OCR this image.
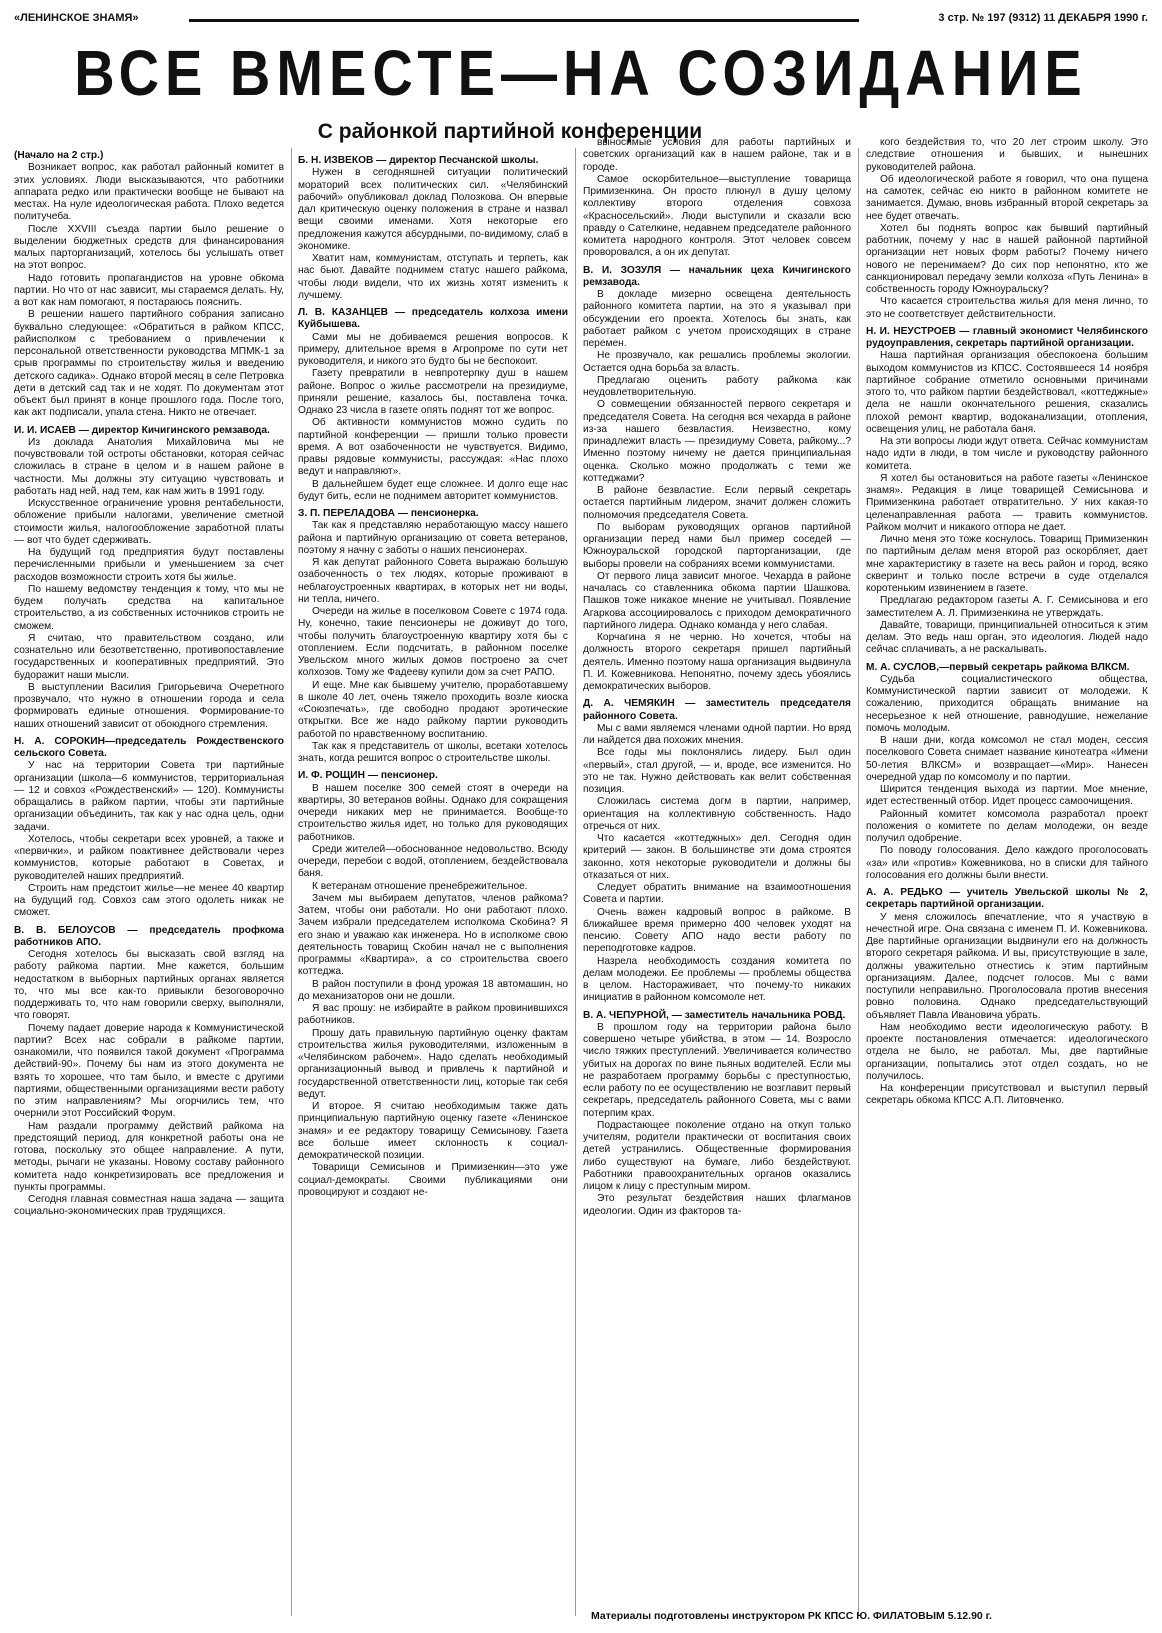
«ЛЕНИНСКОЕ ЗНАМЯ»	3 стр. № 197 (9312) 11 ДЕКАБРЯ 1990 г.
ВСЕ ВМЕСТЕ—НА СОЗИДАНИЕ
С районкой партийной конференции

(Начало на 2 стр.)

Возникает вопрос, как работал районный комитет в этих условиях. Люди высказываются, что работники аппарата редко или практически вообще не бывают на местах. На нуле идеологическая работа. Плохо ведется политучеба.

После XXVIII съезда партии было решение о выделении бюджетных средств для финансирования малых парторганизаций, хотелось бы услышать ответ на этот вопрос.

Надо готовить пропагандистов на уровне обкома партии. Но что от нас зависит, мы стараемся делать. Ну, а вот как нам помогают, я постараюсь пояснить.

В решении нашего партийного собрания записано буквально следующее: «Обратиться в райком КПСС, райисполком с требованием о привлечении к персональной ответственности руководства МПМК-1 за срыв программы по строительству жилья и введению детского садика». Однако второй месяц в селе Петровка дети в детский сад так и не ходят. По документам этот объект был принят в конце прошлого года. После того, как акт подписали, упала стена. Никто не отвечает.

И. И. ИСАЕВ — директор Кичигинского ремзавода.

Из доклада Анатолия Михайловича мы не почувствовали той остроты обстановки, которая сейчас сложилась в стране в целом и в нашем районе в частности. Мы должны эту ситуацию чувствовать и работать над ней, над тем, как нам жить в 1991 году.

Искусственное ограничение уровня рентабельности, обложение прибыли налогами, увеличение сметной стоимости жилья, налогообложение заработной платы — вот что будет сдерживать.

На будущий год предприятия будут поставлены перечисленными прибыли и уменьшением за счет расходов возможности строить хотя бы жилье.

По нашему ведомству тенденция к тому, что мы не будем получать средства на капитальное строительство, а из собственных источников строить не сможем.

Я считаю, что правительством создано, или сознательно или безответственно, противопоставление государственных и кооперативных предприятий. Это будоражит наши мысли.

В выступлении Василия Григорьевича Очеретного прозвучало, что нужно в отношении города и села формировать единые отношения. Формирование-то наших отношений зависит от обоюдного стремления.

Н. А. СОРОКИН—председатель Рождественского сельского Совета.

У нас на территории Совета три партийные организации (школа—6 коммунистов, территориальная — 12 и совхоз «Рождественский» — 120). Коммунисты обращались в райком партии, чтобы эти партийные организации объединить, так как у нас одна цель, одни задачи.

Хотелось, чтобы секретари всех уровней, а также и «первички», и райком поактивнее действовали через коммунистов, которые работают в Советах, и руководителей наших предприятий.

Строить нам предстоит жилье—не менее 40 квартир на будущий год. Совхоз сам этого одолеть никак не сможет.

В. В. БЕЛОУСОВ — председатель профкома работников АПО.

Сегодня хотелось бы высказать свой взгляд на работу райкома партии. Мне кажется, большим недостатком в выборных партийных органах является то, что мы все как-то привыкли безоговорочно поддерживать то, что нам говорили сверху, выполняли, что говорят.

Почему падает доверие народа к Коммунистической партии? Всех нас собрали в райкоме партии, ознакомили, что появился такой документ «Программа действий-90». Почему бы нам из этого документа не взять то хорошее, что там было, и вместе с другими партиями, общественными организациями вести работу по этим направлениям? Мы огорчились тем, что очернили этот Российский Форум.

Нам раздали программу действий райкома на предстоящий период, для конкретной работы она не готова, поскольку это общее направление. А пути, методы, рычаги не указаны. Новому составу районного комитета надо конкретизировать все предложения и пункты программы.

Сегодня главная совместная наша задача — защита социально-экономических прав трудящихся.

Б. Н. ИЗВЕКОВ — директор Песчанской школы.

Нужен в сегодняшней ситуации политический мораторий всех политических сил. «Челябинский рабочий» опубликовал доклад Полозкова. Он впервые дал критическую оценку положения в стране и назвал вещи своими именами. Хотя некоторые его предложения кажутся абсурдными, по-видимому, слаб в экономике.

Хватит нам, коммунистам, отступать и терпеть, как нас бьют. Давайте поднимем статус нашего райкома, чтобы люди видели, что их жизнь хотят изменить к лучшему.

Л. В. КАЗАНЦЕВ — председатель колхоза имени Куйбышева.

Сами мы не добиваемся решения вопросов. К примеру, длительное время в Агропроме по сути нет руководителя, и никого это будто бы не беспокоит.

Газету превратили в невпротерпку душ в нашем районе. Вопрос о жилье рассмотрели на президиуме, приняли решение, казалось бы, поставлена точка. Однако 23 числа в газете опять поднят тот же вопрос.

Об активности коммунистов можно судить по партийной конференции — пришли только провести время. А вот озабоченности не чувствуется. Видимо, правы рядовые коммунисты, рассуждая: «Нас плохо ведут и направляют».

В дальнейшем будет еще сложнее. И долго еще нас будут бить, если не поднимем авторитет коммунистов.

З. П. ПЕРЕЛАДОВА — пенсионерка.

Так как я представляю неработающую массу нашего района и партийную организацию от совета ветеранов, поэтому я начну с заботы о наших пенсионерах.

Я как депутат районного Совета выражаю большую озабоченность о тех людях, которые проживают в неблагоустроенных квартирах, в которых нет ни воды, ни тепла, ничего.

Очереди на жилье в поселковом Совете с 1974 года. Ну, конечно, такие пенсионеры не доживут до того, чтобы получить благоустроенную квартиру хотя бы с отоплением. Если подсчитать, в районном поселке Увельском много жилых домов построено за счет колхозов. Тому же Фадееву купили дом за счет РАПО.

И еще. Мне как бывшему учителю, проработавшему в школе 40 лет, очень тяжело проходить возле киоска «Союзпечать», где свободно продают эротические открытки. Все же надо райкому партии руководить работой по нравственному воспитанию.

Так как я представитель от школы, всетаки хотелось знать, когда решится вопрос о строительстве школы.

И. Ф. РОЩИН — пенсионер.

В нашем поселке 300 семей стоят в очереди на квартиры, 30 ветеранов войны. Однако для сокращения очереди никаких мер не принимается. Вообще-то строительство жилья идет, но только для руководящих работников.

Среди жителей—обоснованное недовольство. Всюду очереди, перебои с водой, отоплением, бездействовала баня.

К ветеранам отношение пренебрежительное.

Зачем мы выбираем депутатов, членов райкома? Затем, чтобы они работали. Но они работают плохо. Зачем избрали председателем исполкома Скобина? Я его знаю и уважаю как инженера. Но в исполкоме свою деятельность товарищ Скобин начал не с выполнения программы «Квартира», а со строительства своего коттеджа.

В район поступили в фонд урожая 18 автомашин, но до механизаторов они не дошли.

Я вас прошу: не избирайте в райком провинившихся работников.

Прошу дать правильную партийную оценку фактам строительства жилья руководителями, изложенным в «Челябинском рабочем». Надо сделать необходимый организационный вывод и привлечь к партийной и государственной ответственности лиц, которые так себя ведут.

И второе. Я считаю необходимым также дать принципиальную партийную оценку газете «Ленинское знамя» и ее редактору товарищу Семисынову. Газета все больше имеет склонность к социал-демократической позиции.

Товарищи Семисынов и Примизенкин—это уже социал-демократы. Своими публикациями они провоцируют и создают не-

выносимые условия для работы партийных и советских организаций как в нашем районе, так и в городе.

Самое оскорбительное—выступление товарища Примизенкина. Он просто плюнул в душу целому коллективу второго отделения совхоза «Красносельский». Люди выступили и сказали всю правду о Сателкине, недавнем председателе районного комитета народного контроля. Этот человек совсем проворовался, а он их депутат.

В. И. ЗОЗУЛЯ — начальник цеха Кичигинского ремзавода.

В докладе мизерно освещена деятельность районного комитета партии, на это я указывал при обсуждении его проекта. Хотелось бы знать, как работает райком с учетом происходящих в стране перемен.

Не прозвучало, как решались проблемы экологии. Остается одна борьба за власть.

Предлагаю оценить работу райкома как неудовлетворительную.

О совмещении обязанностей первого секретаря и председателя Совета. На сегодня вся чехарда в районе из-за нашего безвластия. Неизвестно, кому принадлежит власть — президиуму Совета, райкому...? Именно поэтому ничему не дается принципиальная оценка. Сколько можно продолжать с теми же коттеджами?

В районе безвластие. Если первый секретарь остается партийным лидером, значит должен сложить полномочия председателя Совета.

По выборам руководящих органов партийной организации перед нами был пример соседей — Южноуральской городской парторганизации, где выборы провели на собраниях всеми коммунистами.

От первого лица зависит многое. Чехарда в районе началась со ставленника обкома партии Шашкова. Пашков тоже никакое мнение не учитывал. Появление Агаркова ассоциировалось с приходом демократичного партийного лидера. Однако команда у него слабая.

Корчагина я не черню. Но хочется, чтобы на должность второго секретаря пришел партийный деятель. Именно поэтому наша организация выдвинула П. И. Кожевникова. Непонятно, почему здесь убоялись демократических выборов.

Д. А. ЧЕМЯКИН — заместитель председателя районного Совета.

Мы с вами являемся членами одной партии. Но вряд ли найдется два похожих мнения.

Все годы мы поклонялись лидеру. Был один «первый», стал другой, — и, вроде, все изменится. Но это не так. Нужно действовать как велит собственная позиция.

Сложилась система догм в партии, например, ориентация на коллективную собственность. Надо отречься от них.

Что касается «коттеджных» дел. Сегодня один критерий — закон. В большинстве эти дома строятся законно, хотя некоторые руководители и должны бы отказаться от них.

Следует обратить внимание на взаимоотношения Совета и партии.

Очень важен кадровый вопрос в райкоме. В ближайшее время примерно 400 человек уходят на пенсию. Совету АПО надо вести работу по переподготовке кадров.

Назрела необходимость создания комитета по делам молодежи. Ее проблемы — проблемы общества в целом. Настораживает, что почему-то никаких инициатив в районном комсомоле нет.

В. А. ЧЕПУРНОЙ, — заместитель начальника РОВД.

В прошлом году на территории района было совершено четыре убийства, в этом — 14. Возросло число тяжких преступлений. Увеличивается количество убитых на дорогах по вине пьяных водителей. Если мы не разработаем программу борьбы с преступностью, если работу по ее осуществлению не возглавит первый секретарь, председатель районного Совета, мы с вами потерпим крах.

Подрастающее поколение отдано на откуп только учителям, родители практически от воспитания своих детей устранились. Общественные формирования либо существуют на бумаге, либо бездействуют. Работники правоохранительных органов оказались лицом к лицу с преступным миром.

Это результат бездействия наших флагманов идеологии. Один из факторов та-

кого бездействия то, что 20 лет строим школу. Это следствие отношения и бывших, и нынешних руководителей района.

Об идеологической работе я говорил, что она пущена на самотек, сейчас ею никто в районном комитете не занимается. Думаю, вновь избранный второй секретарь за нее будет отвечать.

Хотел бы поднять вопрос как бывший партийный работник, почему у нас в нашей районной партийной организации нет новых форм работы? Почему ничего нового не перенимаем? До сих пор непонятно, кто же санкционировал передачу земли колхоза «Путь Ленина» в собственность городу Южноуральску?

Что касается строительства жилья для меня лично, то это не соответствует действительности.

Н. И. НЕУСТРОЕВ — главный экономист Челябинского рудоуправления, секретарь партийной организации.

Наша партийная организация обеспокоена большим выходом коммунистов из КПСС. Состоявшееся 14 ноября партийное собрание отметило основными причинами этого то, что райком партии бездействовал, «коттеджные» дела не нашли окончательного решения, сказались плохой ремонт квартир, водоканализации, отопления, освещения улиц, не работала баня.

На эти вопросы люди ждут ответа. Сейчас коммунистам надо идти в люди, в том числе и руководству районного комитета.

Я хотел бы остановиться на работе газеты «Ленинское знамя». Редакция в лице товарищей Семисынова и Примизенкина работает отвратительно. У них какая-то целенаправленная работа — травить коммунистов. Райком молчит и никакого отпора не дает.

Лично меня это тоже коснулось. Товарищ Примизенкин по партийным делам меня второй раз оскорбляет, дает мне характеристику в газете на весь район и город, всяко скверинт и только после встречи в суде отделался коротеньким извинением в газете.

Предлагаю редактором газеты А. Г. Семисынова и его заместителем А. Л. Примизенкина не утверждать.

Давайте, товарищи, принципиальней относиться к этим делам. Это ведь наш орган, это идеология. Людей надо сейчас сплачивать, а не раскалывать.

М. А. СУСЛОВ,—первый секретарь райкома ВЛКСМ.

Судьба социалистического общества, Коммунистической партии зависит от молодежи. К сожалению, приходится обращать внимание на несерьезное к ней отношение, равнодушие, нежелание помочь молодым.

В наши дни, когда комсомол не стал моден, сессия поселкового Совета снимает название кинотеатра «Имени 50-летия ВЛКСМ» и возвращает—«Мир». Нанесен очередной удар по комсомолу и по партии.

Ширится тенденция выхода из партии. Мое мнение, идет естественный отбор. Идет процесс самоочищения.

Районный комитет комсомола разработал проект положения о комитете по делам молодежи, он везде получил одобрение.

По поводу голосования. Дело каждого проголосовать «за» или «против» Кожевникова, но в списки для тайного голосования его должны были внести.

А. А. РЕДЬКО — учитель Увельской школы № 2, секретарь партийной организации.

У меня сложилось впечатление, что я участвую в нечестной игре. Она связана с именем П. И. Кожевникова. Две партийные организации выдвинули его на должность второго секретаря райкома. И вы, присутствующие в зале, должны уважительно отнестись к этим партийным организациям. Далее, подсчет голосов. Мы с вами поступили неправильно. Проголосовала против внесения ровно половина. Однако председательствующий объявляет Павла Ивановича убрать.

Нам необходимо вести идеологическую работу. В проекте постановления отмечается: идеологического отдела не было, не работал. Мы, две партийные организации, попытались этот отдел создать, но не получилось.

На конференции присутствовал и выступил первый секретарь обкома КПСС А.П. Литовченко.

Материалы подготовлены инструктором РК КПСС Ю. ФИЛАТОВЫМ 5.12.90 г.
